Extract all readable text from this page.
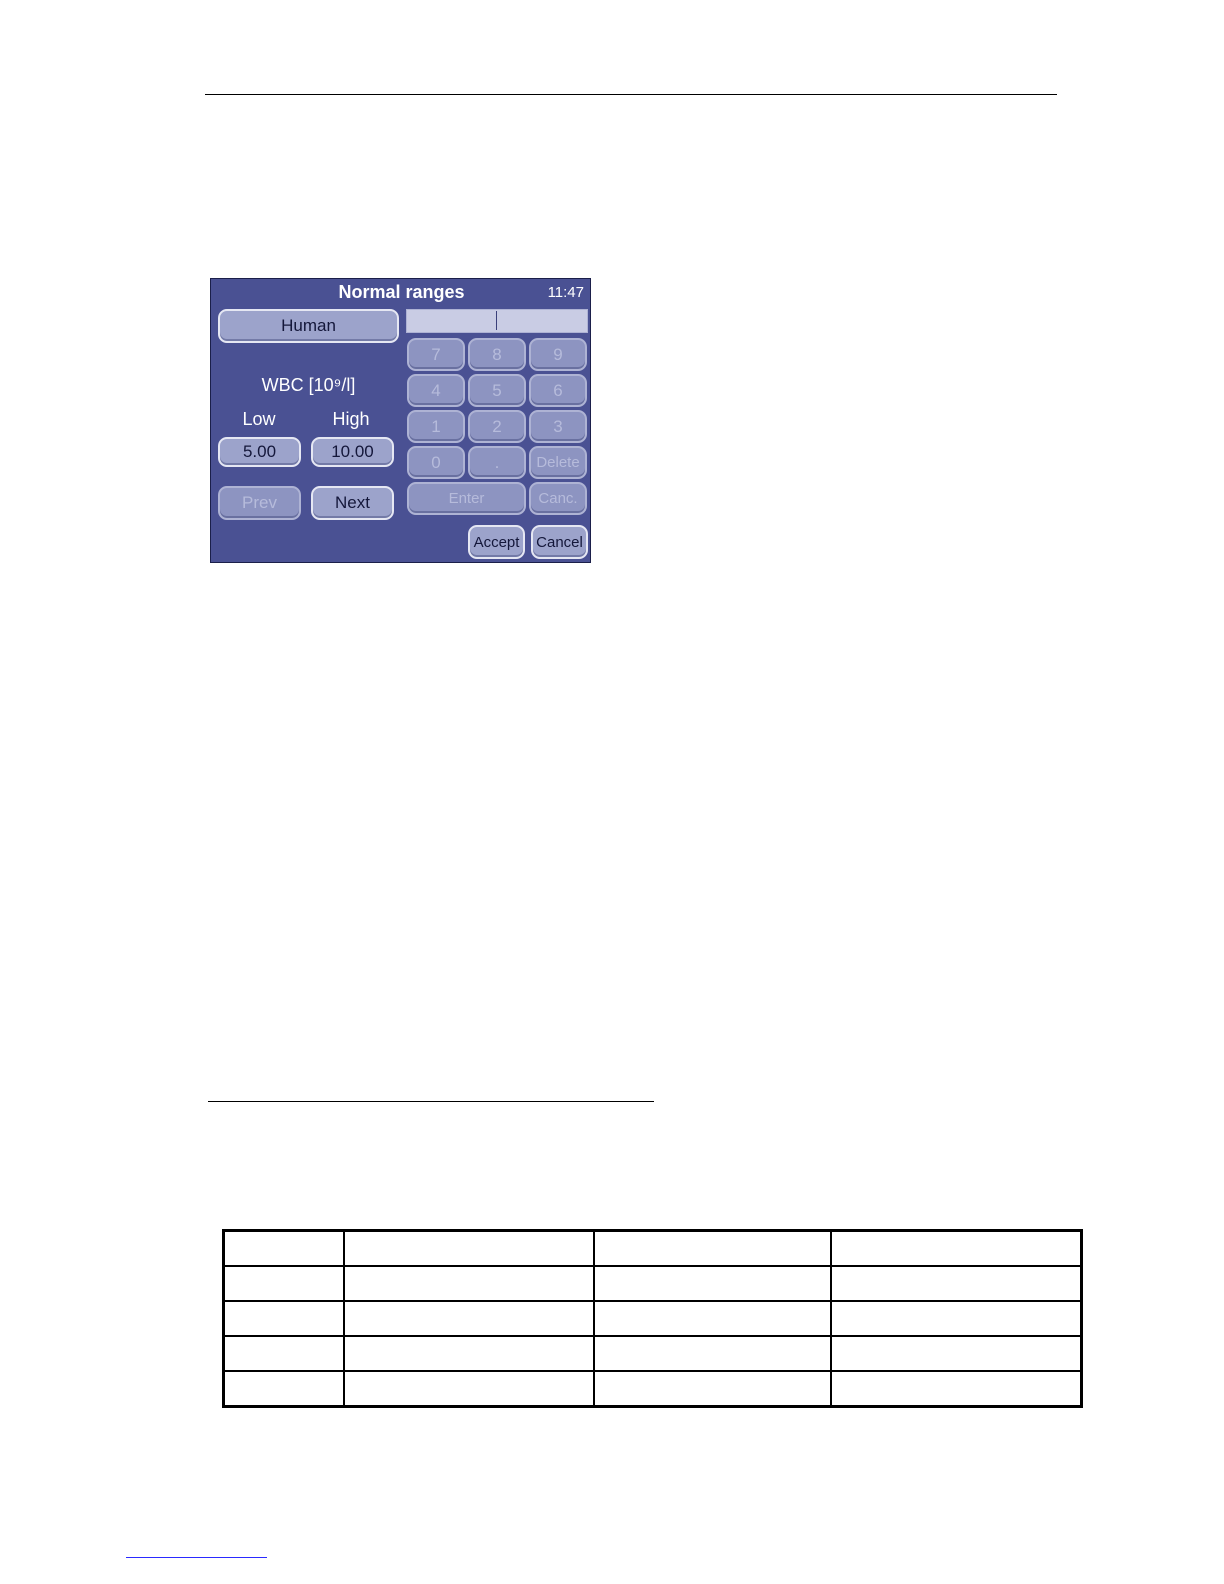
Normal ranges	11:47
Human
WBC [10⁹/l]
Low	High
5.00	10.00
Prev	Next
Accept	Cancel
7	8	9
4	5	6
1	2	3
0	.	Delete
Enter	Canc.
